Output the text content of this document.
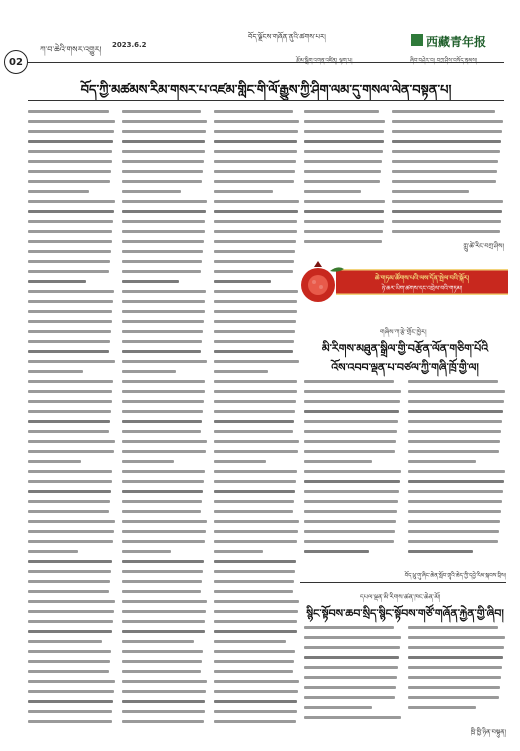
ཀ་བ་ཆེའི་གསར་འགྱུར། 2023.6.2
བོད་ལྗོངས་གཞོན་ནུའི་ཚགས་པར།	西藏青年报
རྩོམ་སྒྲིག་འགན་འཛིན། ལྷག་པ།	ཞིབ་བཤེར་བ། བཀྲ་ཤིས་བསོད་ནམས།
02
བོད་ཀྱི་མཚམས་རིམ་གསར་པ་འཛམ་གླིང་གི་ལོ་རྒྱུས་ཀྱི་ཤིག་ལམ་དུ་གསལ་ལེན་བསྟན་པ།
ཀླུ་ཚེ་རིང་བཀྲ་ཤིས།
ཆེ་གཏམ་ཚོགས་པའི་ལས་དོན་སྤེལ་བའི་སྐོར།
ཉེ་ཆར་ཡིག་ཚགས་དང་འབྲེལ་བའི་གཏམ།
གཞིས་ཀ་རྩེ་གྲོང་ཁྱེར།
མི་རིགས་མཐུན་སྒྲིལ་གྱི་བརྩོན་ལོན་གཅིག་པོའི
འོས་འབབ་ལྡན་པ་བཙལ་ཀྱི་གཞི་ཁྲོ་གྱི་ལ།
བོད་ཕྲུ་གུ་ཞིང་ཆེན་སློབ་གྲྭའི་ཆེད་ཀྱི་དབྱེ་རིམ་སྐབས་བྲིས།
དཔལ་ལྡན་མི་རིགས་ཚན་ཁང་ཆེན་མོ།
སྙིང་སྟོབས་ཆབ་སྲིད་སྙིང་སྟོབས་གཙོ་གཞོན་རྐྱེན་གྱི་ཞིབ།
ཁྲི་ཁྱི་ཉིན་བསྟུན།
